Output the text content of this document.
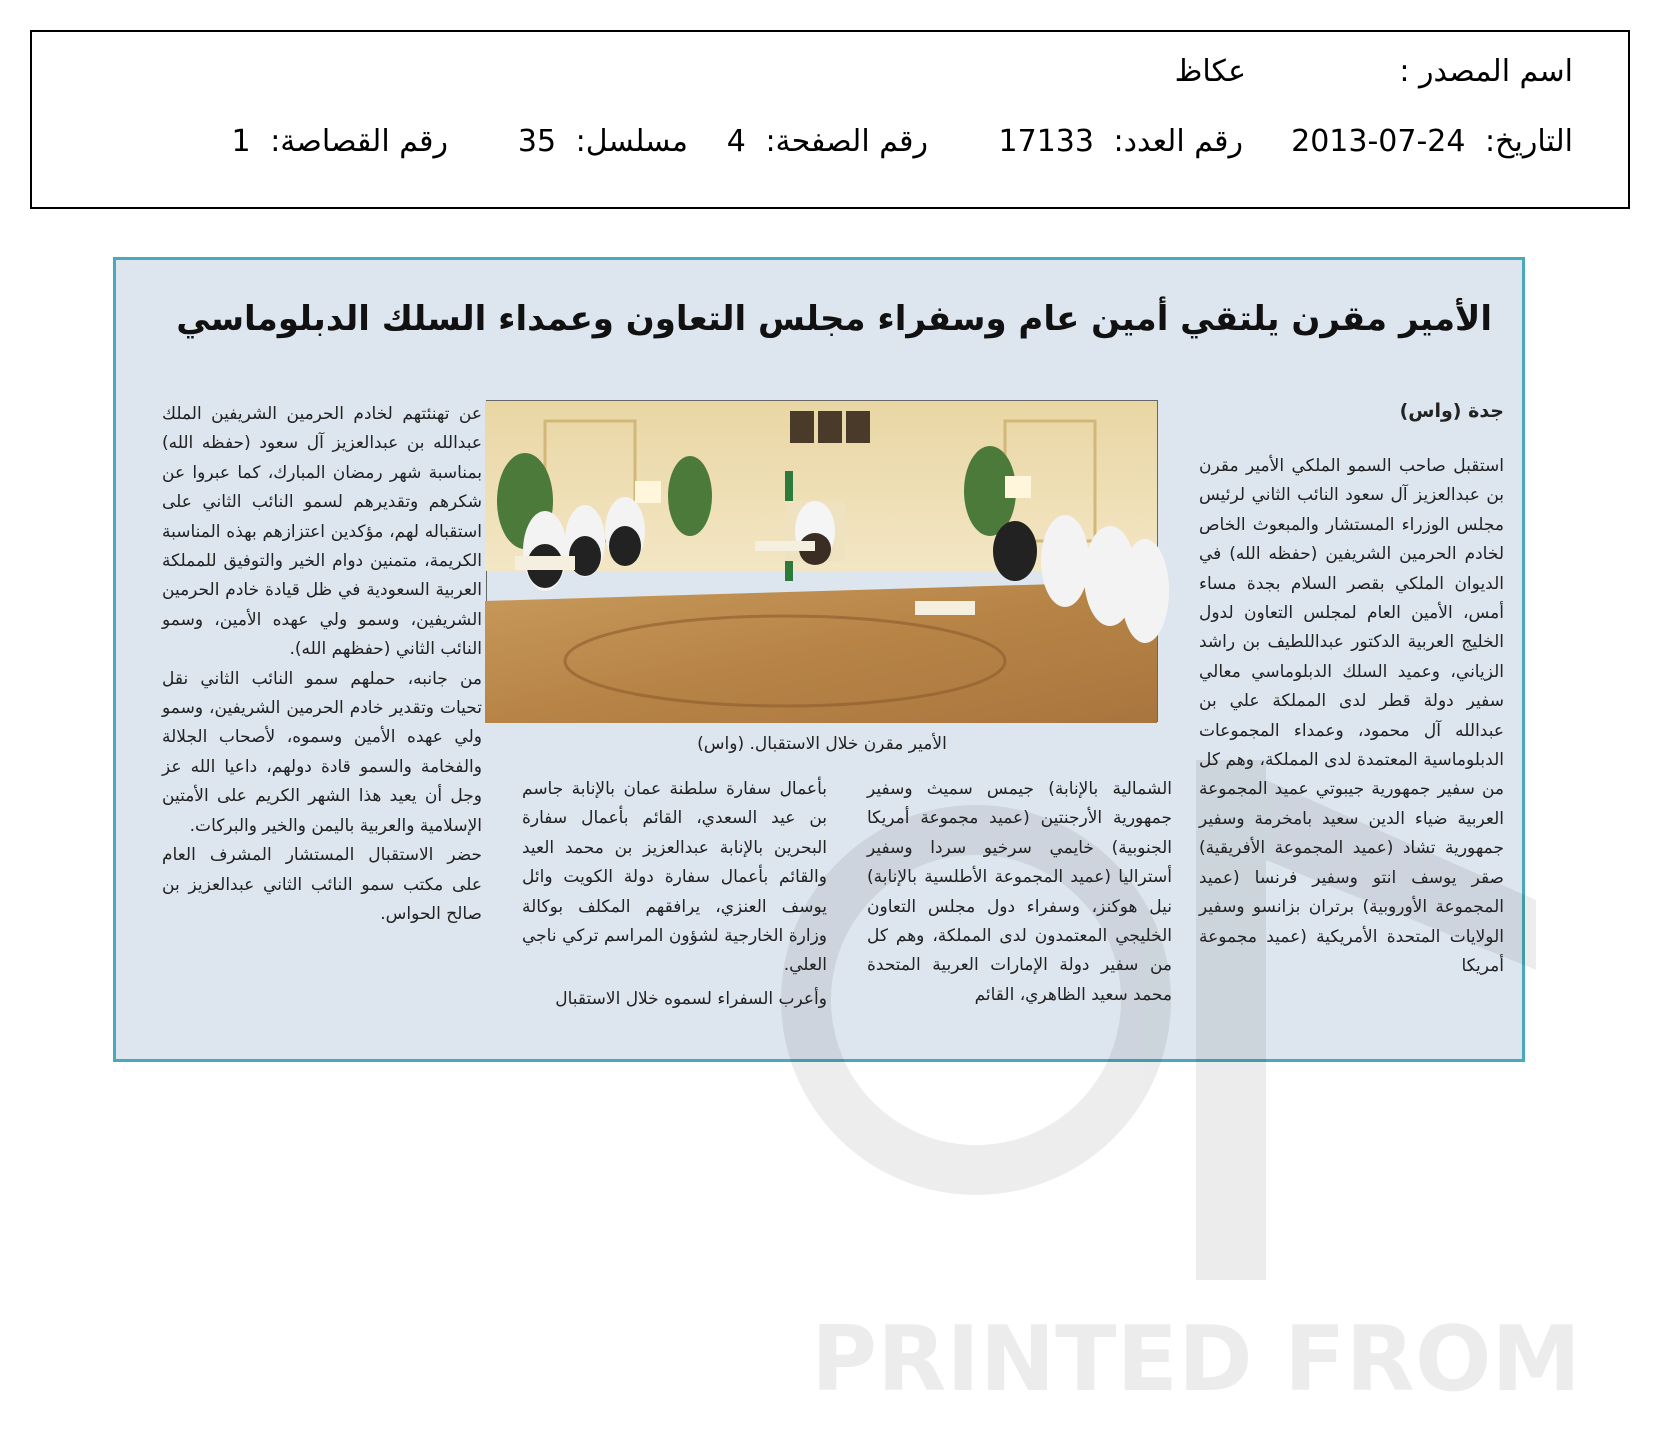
اسم المصدر :
عكاظ
التاريخ: 2013-07-24
رقم العدد: 17133
رقم الصفحة: 4
مسلسل: 35
رقم القصاصة: 1
PRINTED FROM
الأمير مقرن يلتقي أمين عام وسفراء مجلس التعاون وعمداء السلك الدبلوماسي
جدة (واس)
الأمير مقرن خلال الاستقبال. (واس)

استقبل صاحب السمو الملكي الأمير مقرن بن عبدالعزيز آل سعود النائب الثاني لرئيس مجلس الوزراء المستشار والمبعوث الخاص لخادم الحرمين الشريفين (حفظه الله) في الديوان الملكي بقصر السلام بجدة مساء أمس، الأمين العام لمجلس التعاون لدول الخليج العربية الدكتور عبداللطيف بن راشد الزياني، وعميد السلك الدبلوماسي معالي سفير دولة قطر لدى المملكة علي بن عبدالله آل محمود، وعمداء المجموعات الدبلوماسية المعتمدة لدى المملكة، وهم كل من سفير جمهورية جيبوتي عميد المجموعة العربية ضياء الدين سعيد بامخرمة وسفير جمهورية تشاد (عميد المجموعة الأفريقية) صقر يوسف انتو وسفير فرنسا (عميد المجموعة الأوروبية) برتران بزانسو وسفير الولايات المتحدة الأمريكية (عميد مجموعة أمريكا

الشمالية بالإنابة) جيمس سميث وسفير جمهورية الأرجنتين (عميد مجموعة أمريكا الجنوبية) خايمي سرخيو سردا وسفير أستراليا (عميد المجموعة الأطلسية بالإنابة) نيل هوكنز، وسفراء دول مجلس التعاون الخليجي المعتمدون لدى المملكة، وهم كل من سفير دولة الإمارات العربية المتحدة محمد سعيد الظاهري، القائم

بأعمال سفارة سلطنة عمان بالإنابة جاسم بن عيد السعدي، القائم بأعمال سفارة البحرين بالإنابة عبدالعزيز بن محمد العيد والقائم بأعمال سفارة دولة الكويت وائل يوسف العنزي، يرافقهم المكلف بوكالة وزارة الخارجية لشؤون المراسم تركي ناجي العلي.

وأعرب السفراء لسموه خلال الاستقبال

عن تهنئتهم لخادم الحرمين الشريفين الملك عبدالله بن عبدالعزيز آل سعود (حفظه الله) بمناسبة شهر رمضان المبارك، كما عبروا عن شكرهم وتقديرهم لسمو النائب الثاني على استقباله لهم، مؤكدين اعتزازهم بهذه المناسبة الكريمة، متمنين دوام الخير والتوفيق للمملكة العربية السعودية في ظل قيادة خادم الحرمين الشريفين، وسمو ولي عهده الأمين، وسمو النائب الثاني (حفظهم الله).

من جانبه، حملهم سمو النائب الثاني نقل تحيات وتقدير خادم الحرمين الشريفين، وسمو ولي عهده الأمين وسموه، لأصحاب الجلالة والفخامة والسمو قادة دولهم، داعيا الله عز وجل أن يعيد هذا الشهر الكريم على الأمتين الإسلامية والعربية باليمن والخير والبركات.

حضر الاستقبال المستشار المشرف العام على مكتب سمو النائب الثاني عبدالعزيز بن صالح الحواس.
